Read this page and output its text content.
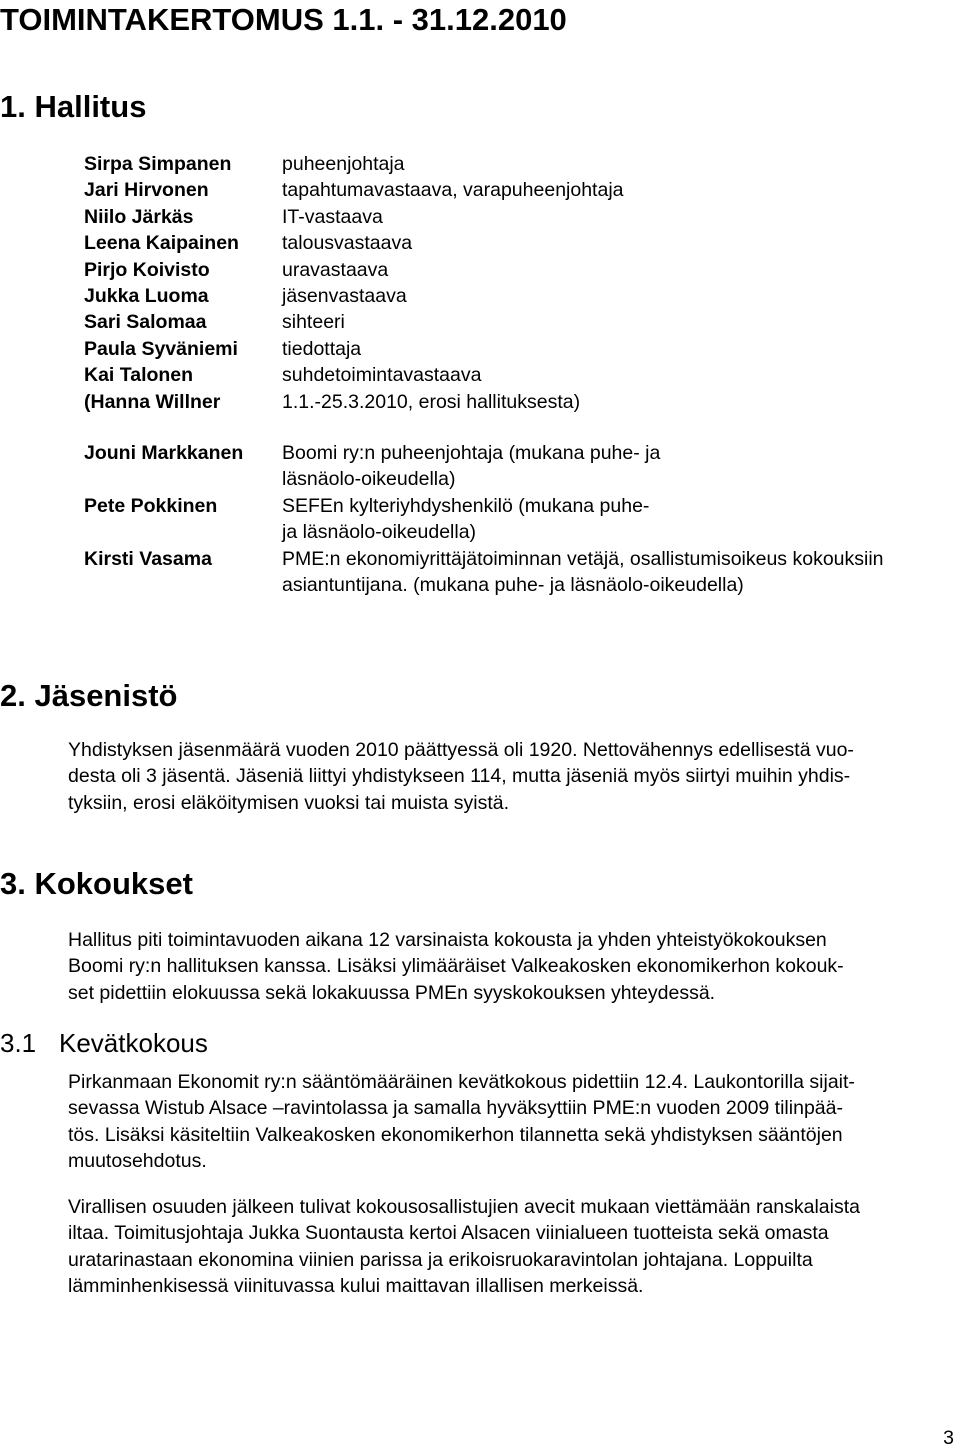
TOIMINTAKERTOMUS 1.1. - 31.12.2010
1. Hallitus
Sirpa Simpanen	puheenjohtaja
Jari Hirvonen	tapahtumavastaava, varapuheenjohtaja
Niilo Järkäs	IT-vastaava
Leena Kaipainen	talousvastaava
Pirjo Koivisto	uravastaava
Jukka Luoma	jäsenvastaava
Sari Salomaa	sihteeri
Paula Syväniemi	tiedottaja
Kai Talonen	suhdetoimintavastaava
(Hanna Willner	1.1.-25.3.2010, erosi hallituksesta)
Jouni Markkanen	Boomi ry:n puheenjohtaja (mukana puhe- ja
läsnäolo-oikeudella)
Pete Pokkinen	SEFEn kylteriyhdyshenkilö (mukana puhe-
ja läsnäolo-oikeudella)
Kirsti Vasama	PME:n ekonomiyrittäjätoiminnan vetäjä, osallistumisoikeus kokouksiin
asiantuntijana. (mukana puhe- ja läsnäolo-oikeudella)
2. Jäsenistö
Yhdistyksen jäsenmäärä vuoden 2010 päättyessä oli 1920. Nettovähennys edellisestä vuo-
desta oli 3 jäsentä. Jäseniä liittyi yhdistykseen 114, mutta jäseniä myös siirtyi muihin yhdis-
tyksiin, erosi eläköitymisen vuoksi tai muista syistä.
3. Kokoukset
Hallitus piti toimintavuoden aikana 12 varsinaista kokousta ja yhden yhteistyökokouksen
Boomi ry:n hallituksen kanssa. Lisäksi ylimääräiset Valkeakosken ekonomikerhon kokouk-
set pidettiin elokuussa sekä lokakuussa PMEn syyskokouksen yhteydessä.
3.1 Kevätkokous
Pirkanmaan Ekonomit ry:n sääntömääräinen kevätkokous pidettiin 12.4. Laukontorilla sijait-
sevassa Wistub Alsace –ravintolassa ja samalla hyväksyttiin PME:n vuoden 2009 tilinpää-
tös. Lisäksi käsiteltiin Valkeakosken ekonomikerhon tilannetta sekä yhdistyksen sääntöjen
muutosehdotus.
Virallisen osuuden jälkeen tulivat kokousosallistujien avecit mukaan viettämään ranskalaista
iltaa. Toimitusjohtaja Jukka Suontausta kertoi Alsacen viinialueen tuotteista sekä omasta
uratarinastaan ekonomina viinien parissa ja erikoisruokaravintolan johtajana. Loppuilta
lämminhenkisessä viinituvassa kului maittavan illallisen merkeissä.
3
